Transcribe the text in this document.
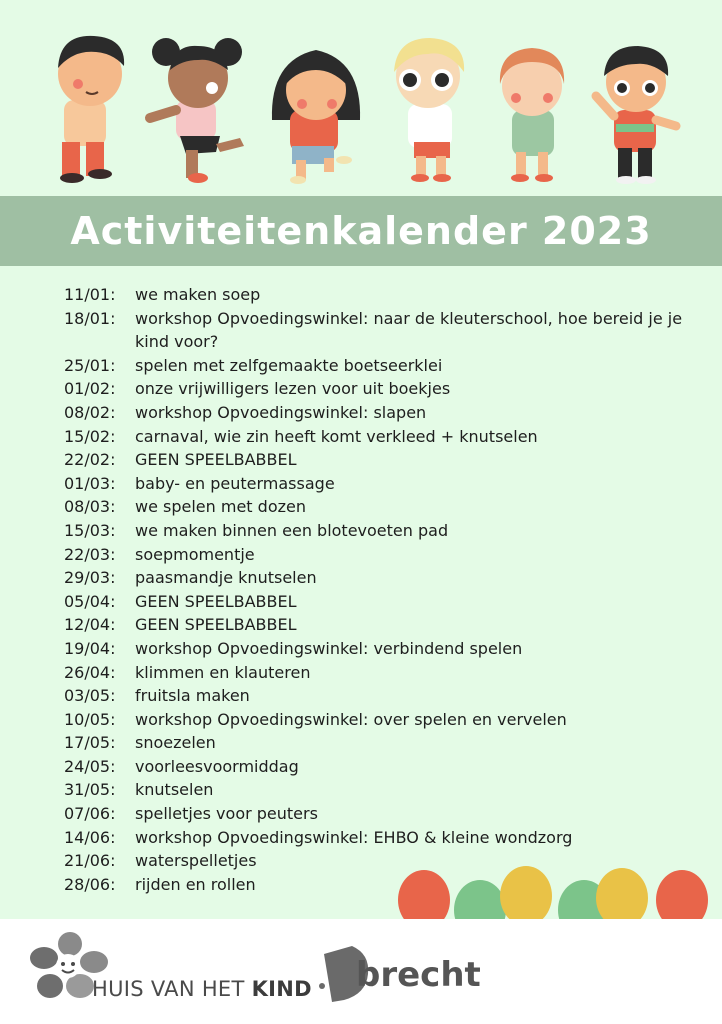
Activiteitenkalender 2023
11/01:	we maken soep
18/01:	workshop Opvoedingswinkel: naar de kleuterschool, hoe bereid je je kind voor?
25/01:	spelen met zelfgemaakte boetseerklei
01/02:	onze vrijwilligers lezen voor uit boekjes
08/02:	workshop Opvoedingswinkel: slapen
15/02:	carnaval, wie zin heeft komt verkleed + knutselen
22/02:	GEEN SPEELBABBEL
01/03:	baby- en peutermassage
08/03:	we spelen met dozen
15/03:	we maken binnen een blotevoeten pad
22/03:	soepmomentje
29/03:	paasmandje knutselen
05/04:	GEEN SPEELBABBEL
12/04:	GEEN SPEELBABBEL
19/04:	workshop Opvoedingswinkel: verbindend spelen
26/04:	klimmen en klauteren
03/05:	fruitsla maken
10/05:	workshop Opvoedingswinkel: over spelen en vervelen
17/05:	snoezelen
24/05:	voorleesvoormiddag
31/05:	knutselen
07/06:	spelletjes voor peuters
14/06:	workshop Opvoedingswinkel: EHBO & kleine wondzorg
21/06:	waterspelletjes
28/06:	rijden en rollen
HUIS VAN HET KIND brecht
